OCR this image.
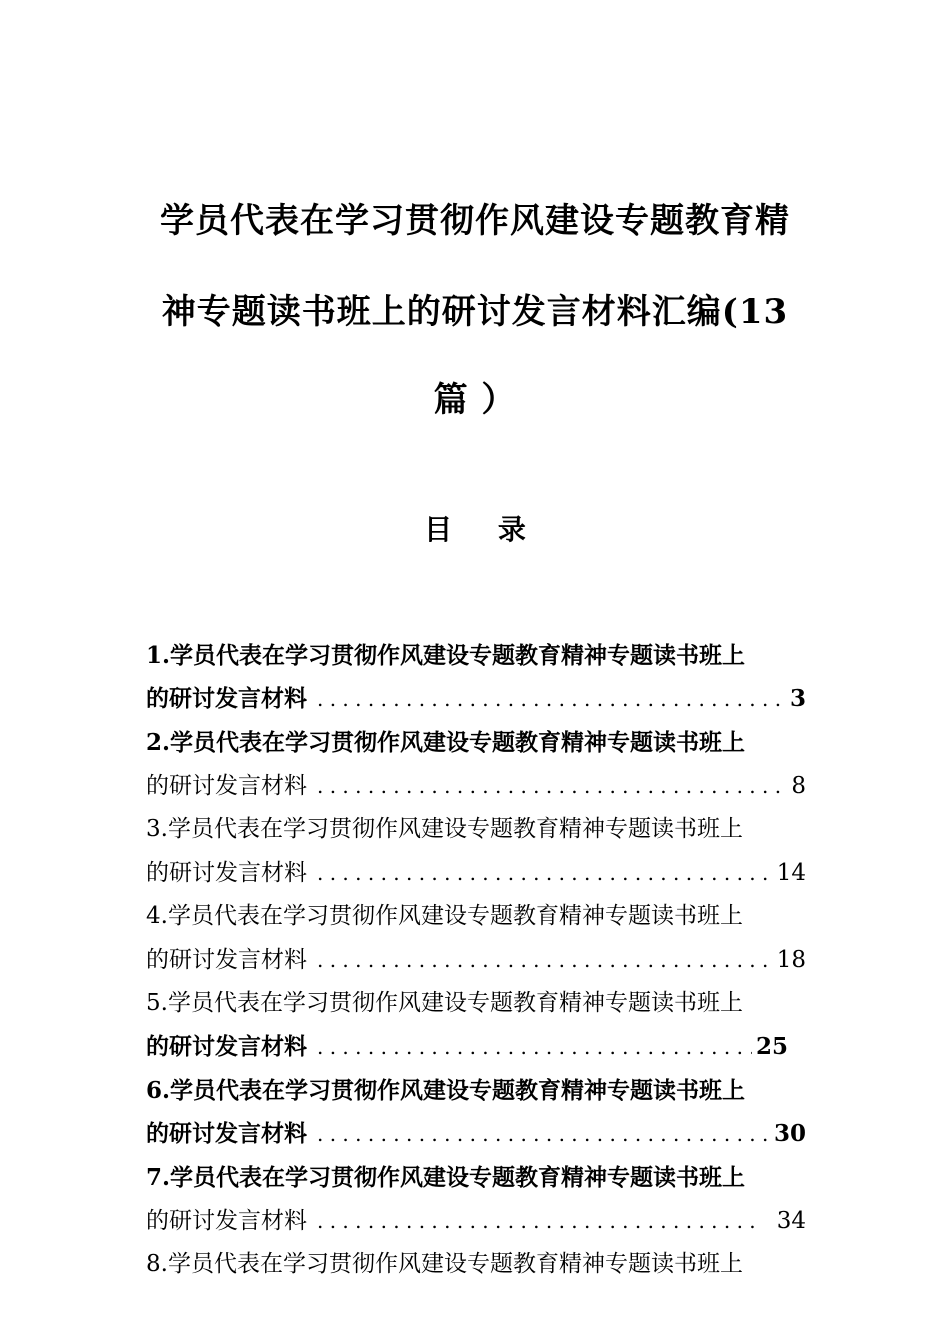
学员代表在学习贯彻作风建设专题教育精
神专题读书班上的研讨发言材料汇编(13
篇 ）
目 录
1.学员代表在学习贯彻作风建设专题教育精神专题读书班上
的研讨发言材料 . . .	3
2.学员代表在学习贯彻作风建设专题教育精神专题读书班上
的研讨发言材料 . . .	8
3.学员代表在学习贯彻作风建设专题教育精神专题读书班上
的研讨发言材料 . . .	14
4.学员代表在学习贯彻作风建设专题教育精神专题读书班上
的研讨发言材料 . . .	18
5.学员代表在学习贯彻作风建设专题教育精神专题读书班上
的研讨发言材料 . . .	25
6.学员代表在学习贯彻作风建设专题教育精神专题读书班上
的研讨发言材料 . . .	30
7.学员代表在学习贯彻作风建设专题教育精神专题读书班上
的研讨发言材料 . . .	34
8.学员代表在学习贯彻作风建设专题教育精神专题读书班上
